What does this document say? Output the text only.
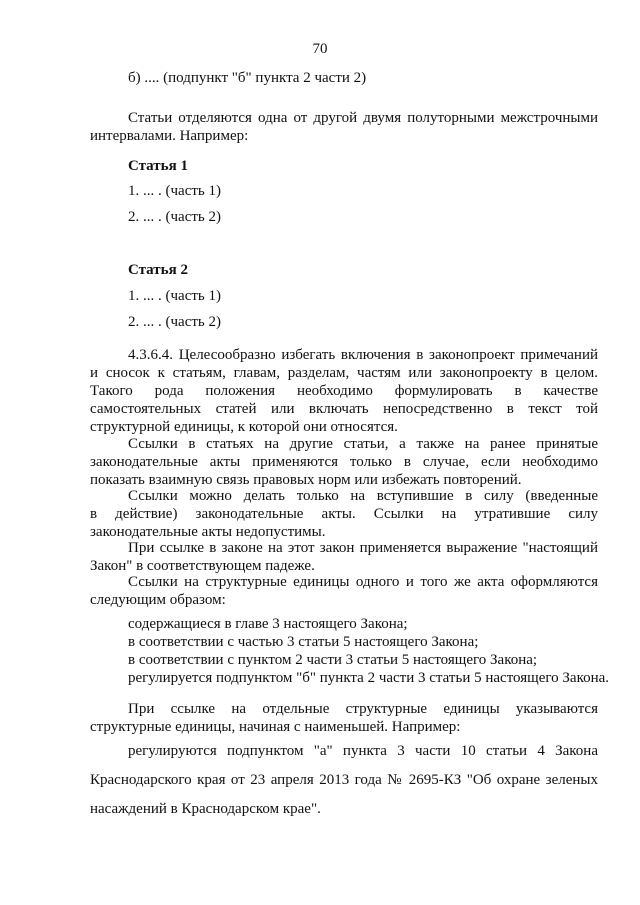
70

б) .... (подпункт "б" пункта 2 части 2)

Статьи отделяются одна от другой двумя полуторными межстрочными
интервалами. Например:

Статья 1

1. ... . (часть 1)

2. ... . (часть 2)

Статья 2

1. ... . (часть 1)

2. ... . (часть 2)

4.3.6.4. Целесообразно избегать включения в законопроект примечаний
и сносок к статьям, главам, разделам, частям или законопроекту в целом.
Такого рода положения необходимо формулировать в качестве
самостоятельных статей или включать непосредственно в текст той
структурной единицы, к которой они относятся.
Ссылки в статьях на другие статьи, а также на ранее принятые
законодательные акты применяются только в случае, если необходимо
показать взаимную связь правовых норм или избежать повторений.
Ссылки можно делать только на вступившие в силу (введенные
в действие) законодательные акты. Ссылки на утратившие силу
законодательные акты недопустимы.
При ссылке в законе на этот закон применяется выражение "настоящий
Закон" в соответствующем падеже.
Ссылки на структурные единицы одного и того же акта оформляются
следующим образом:

содержащиеся в главе 3 настоящего Закона;

в соответствии с частью 3 статьи 5 настоящего Закона;

в соответствии с пунктом 2 части 3 статьи 5 настоящего Закона;

регулируется подпунктом "б" пункта 2 части 3 статьи 5 настоящего Закона.

При ссылке на отдельные структурные единицы указываются
структурные единицы, начиная с наименьшей. Например:

регулируются подпунктом "а" пункта 3 части 10 статьи 4 Закона

Краснодарского края от 23 апреля 2013 года № 2695-КЗ "Об охране зеленых

насаждений в Краснодарском крае".
